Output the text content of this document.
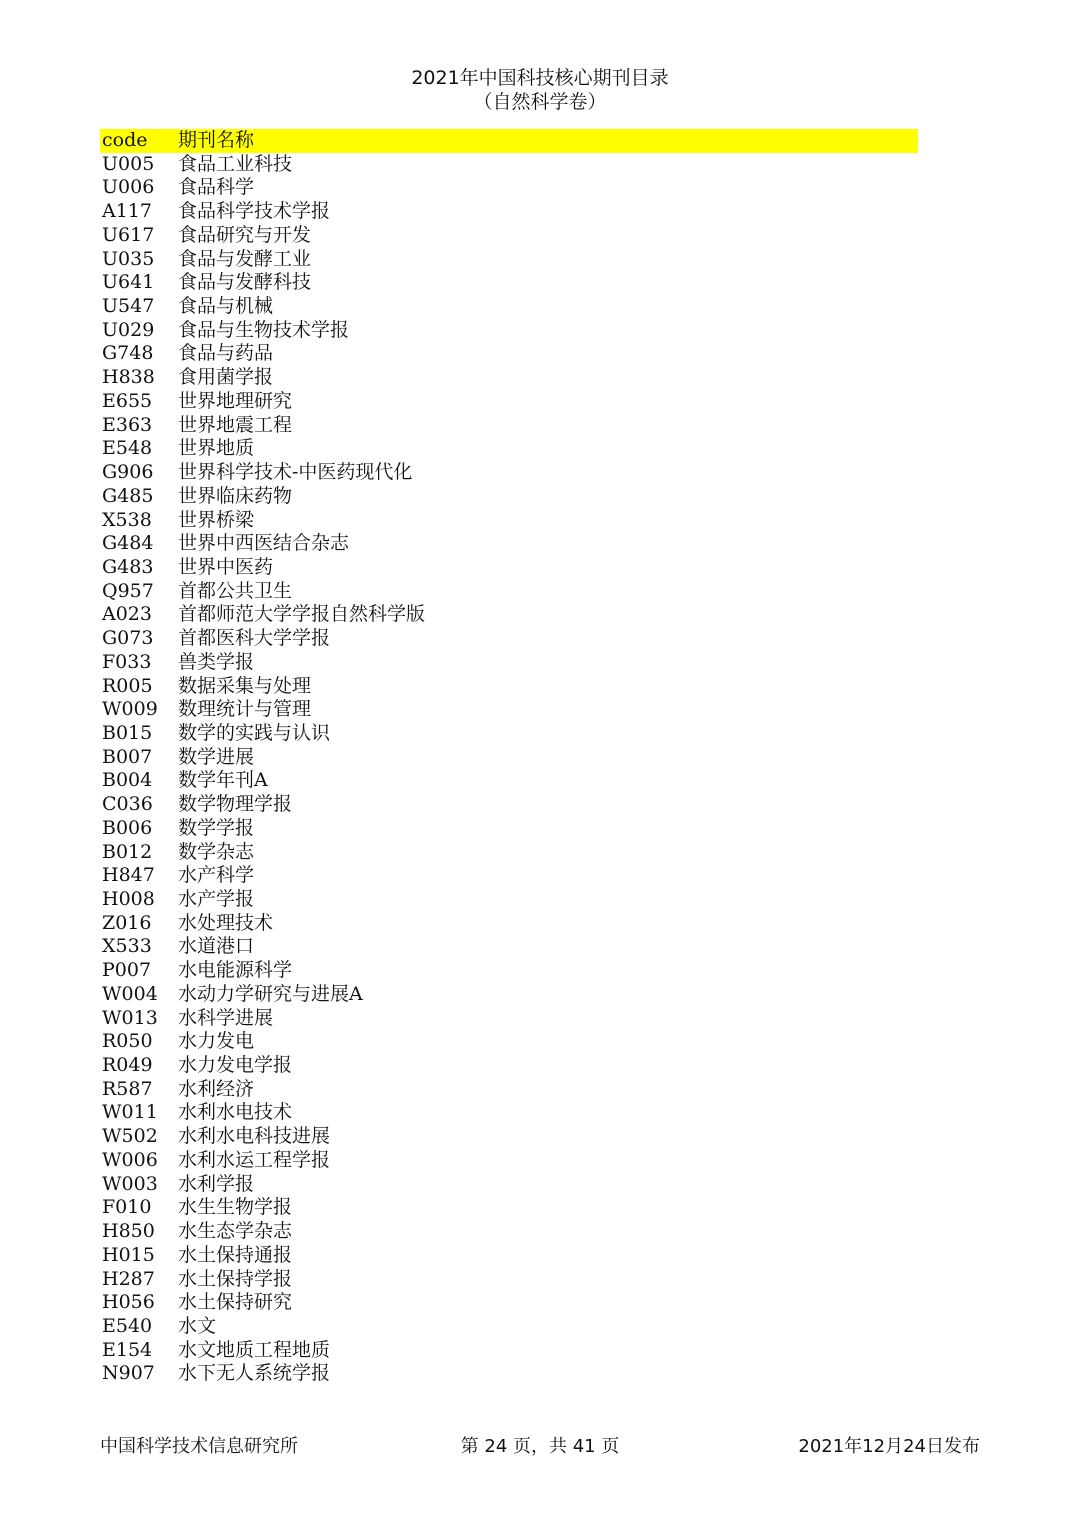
2021年中国科技核心期刊目录
（自然科学卷）
code	期刊名称
U005	食品工业科技
U006	食品科学
A117	食品科学技术学报
U617	食品研究与开发
U035	食品与发酵工业
U641	食品与发酵科技
U547	食品与机械
U029	食品与生物技术学报
G748	食品与药品
H838	食用菌学报
E655	世界地理研究
E363	世界地震工程
E548	世界地质
G906	世界科学技术-中医药现代化
G485	世界临床药物
X538	世界桥梁
G484	世界中西医结合杂志
G483	世界中医药
Q957	首都公共卫生
A023	首都师范大学学报自然科学版
G073	首都医科大学学报
F033	兽类学报
R005	数据采集与处理
W009	数理统计与管理
B015	数学的实践与认识
B007	数学进展
B004	数学年刊A
C036	数学物理学报
B006	数学学报
B012	数学杂志
H847	水产科学
H008	水产学报
Z016	水处理技术
X533	水道港口
P007	水电能源科学
W004	水动力学研究与进展A
W013	水科学进展
R050	水力发电
R049	水力发电学报
R587	水利经济
W011	水利水电技术
W502	水利水电科技进展
W006	水利水运工程学报
W003	水利学报
F010	水生生物学报
H850	水生态学杂志
H015	水土保持通报
H287	水土保持学报
H056	水土保持研究
E540	水文
E154	水文地质工程地质
N907	水下无人系统学报
中国科学技术信息研究所	第 24 页，共 41 页	2021年12月24日发布
